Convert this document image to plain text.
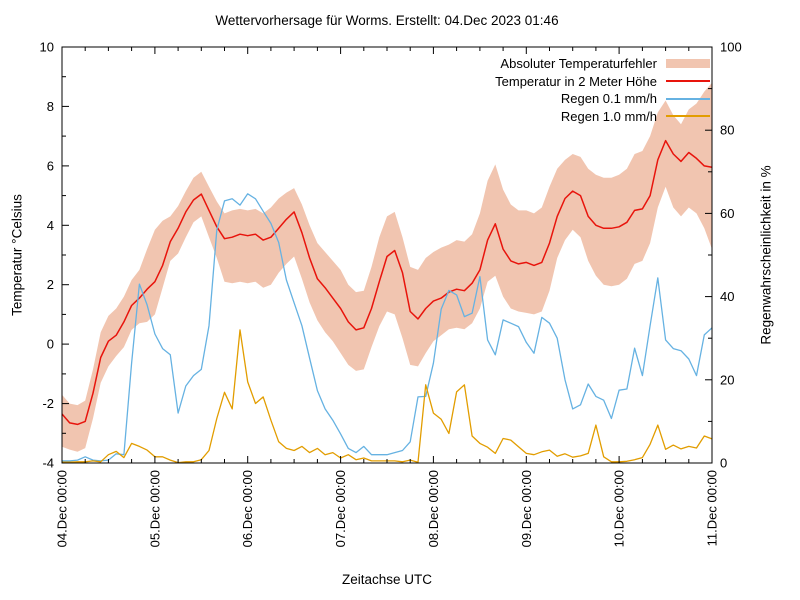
04.Dec 00:00	05.Dec 00:00	06.Dec 00:00	07.Dec 00:00	08.Dec 00:00	09.Dec 00:00	10.Dec 00:00	11.Dec 00:00
-4
-2
0
2
4
6
8
10
0
20
40
60
80
100
Wettervorhersage für Worms. Erstellt: 04.Dec 2023 01:46
Absoluter Temperaturfehler
Temperatur in 2 Meter Höhe
Regen 0.1 mm/h
Regen 1.0 mm/h
Temperatur °Celsius	Regenwahrscheinlichkeit in %
Zeitachse UTC
